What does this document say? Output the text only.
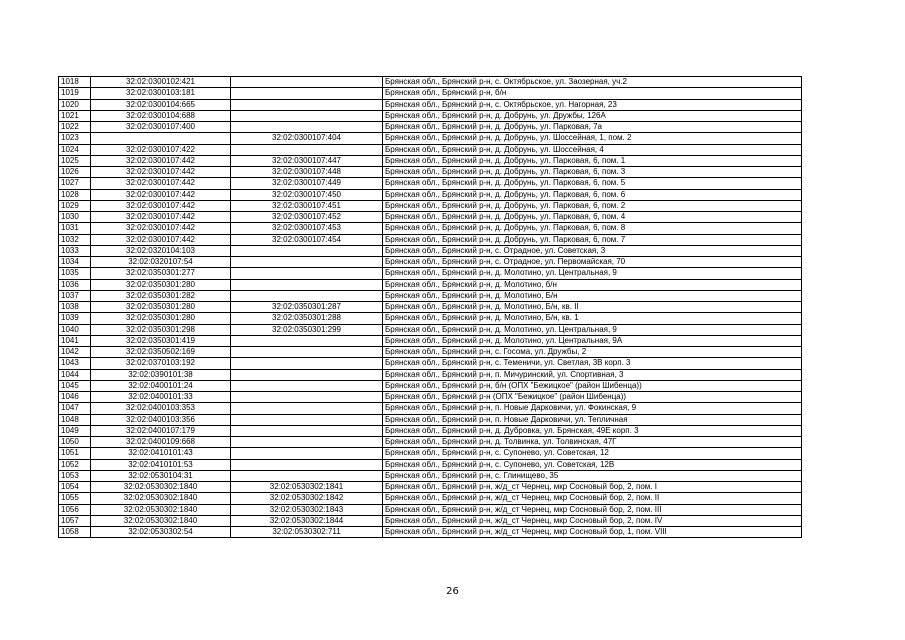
1018	32:02:0300102:421		Брянская обл., Брянский р-н, с. Октябрьское, ул. Заозерная, уч.2
1019	32:02:0300103:181		Брянская обл., Брянский р-н, б/н
1020	32:02:0300104:665		Брянская обл., Брянский р-н, с. Октябрьское, ул. Нагорная, 23
1021	32:02:0300104:688		Брянская обл., Брянский р-н, д. Добрунь, ул. Дружбы, 126А
1022	32:02:0300107:400		Брянская обл., Брянский р-н, д. Добрунь, ул. Парковая, 7а
1023		32:02:0300107:404	Брянская обл., Брянский р-н, д. Добрунь, ул. Шоссейная, 1, пом. 2
1024	32:02:0300107:422		Брянская обл., Брянский р-н, д. Добрунь, ул. Шоссейная, 4
1025	32:02:0300107:442	32:02:0300107:447	Брянская обл., Брянский р-н, д. Добрунь, ул. Парковая, 6, пом. 1
1026	32:02:0300107:442	32:02:0300107:448	Брянская обл., Брянский р-н, д. Добрунь, ул. Парковая, 6, пом. 3
1027	32:02:0300107:442	32:02:0300107:449	Брянская обл., Брянский р-н, д. Добрунь, ул. Парковая, 6, пом. 5
1028	32:02:0300107:442	32:02:0300107:450	Брянская обл., Брянский р-н, д. Добрунь, ул. Парковая, 6, пом. 6
1029	32:02:0300107:442	32:02:0300107:451	Брянская обл., Брянский р-н, д. Добрунь, ул. Парковая, 6, пом. 2
1030	32:02:0300107:442	32:02:0300107:452	Брянская обл., Брянский р-н, д. Добрунь, ул. Парковая, 6, пом. 4
1031	32:02:0300107:442	32:02:0300107:453	Брянская обл., Брянский р-н, д. Добрунь, ул. Парковая, 6, пом. 8
1032	32:02:0300107:442	32:02:0300107:454	Брянская обл., Брянский р-н, д. Добрунь, ул. Парковая, 6, пом. 7
1033	32:02:0320104:103		Брянская обл., Брянский р-н, с. Отрадное, ул. Советская, 3
1034	32:02:0320107:54		Брянская обл., Брянский р-н, с. Отрадное, ул. Первомайская, 70
1035	32:02:0350301:277		Брянская обл., Брянский р-н, д. Молотино, ул. Центральная, 9
1036	32:02:0350301:280		Брянская обл., Брянский р-н, д. Молотино, б/н
1037	32:02:0350301:282		Брянская обл., Брянский р-н, д. Молотино, Б/н
1038	32:02:0350301:280	32:02:0350301:287	Брянская обл., Брянский р-н, д. Молотино, Б/н, кв. II
1039	32:02:0350301:280	32:02:0350301:288	Брянская обл., Брянский р-н, д. Молотино, Б/н, кв. 1
1040	32:02:0350301:298	32:02:0350301:299	Брянская обл., Брянский р-н, д. Молотино, ул. Центральная, 9
1041	32:02:0350301:419		Брянская обл., Брянский р-н, д. Молотино, ул. Центральная, 9А
1042	32:02:0350502:169		Брянская обл., Брянский р-н, с. Госома, ул. Дружбы, 2
1043	32:02:0370103:192		Брянская обл., Брянский р-н, с. Теменичи, ул. Светлая, 3В корп. 3
1044	32:02:0390101:38		Брянская обл., Брянский р-н, п. Мичуринский, ул. Спортивная, 3
1045	32:02:0400101:24		Брянская обл., Брянский р-н, б/н (ОПХ "Бежицкое" (район Шибенца))
1046	32:02:0400101:33		Брянская обл., Брянский р-н (ОПХ "Бежицкое" (район Шибенца))
1047	32:02:0400103:353		Брянская обл., Брянский р-н, п. Новые Дарковичи, ул. Фокинская, 9
1048	32:02:0400103:356		Брянская обл., Брянский р-н, п. Новые Дарковичи, ул. Тепличная
1049	32:02:0400107:179		Брянская обл., Брянский р-н, д. Дубровка, ул. Брянская, 49Е корп. 3
1050	32:02:0400109:668		Брянская обл., Брянский р-н, д. Толвинка, ул. Толвинская, 47Г
1051	32:02:0410101:43		Брянская обл., Брянский р-н, с. Супонево, ул. Советская, 12
1052	32:02:0410101:53		Брянская обл., Брянский р-н, с. Супонево, ул. Советская, 12В
1053	32:02:0530104:31		Брянская обл., Брянский р-н, с. Глинищево, 35
1054	32:02:0530302:1840	32:02:0530302:1841	Брянская обл., Брянский р-н, ж/д_ст Чернец, мкр Сосновый бор, 2, пом. I
1055	32:02:0530302:1840	32:02:0530302:1842	Брянская обл., Брянский р-н, ж/д_ст Чернец, мкр Сосновый бор, 2, пом. II
1056	32:02:0530302:1840	32:02:0530302:1843	Брянская обл., Брянский р-н, ж/д_ст Чернец, мкр Сосновый бор, 2, пом. III
1057	32:02:0530302:1840	32:02:0530302:1844	Брянская обл., Брянский р-н, ж/д_ст Чернец, мкр Сосновый бор, 2, пом. IV
1058	32:02:0530302:54	32:02:0530302:711	Брянская обл., Брянский р-н, ж/д_ст Чернец, мкр Сосновый бор, 1, пом. VIII
26
